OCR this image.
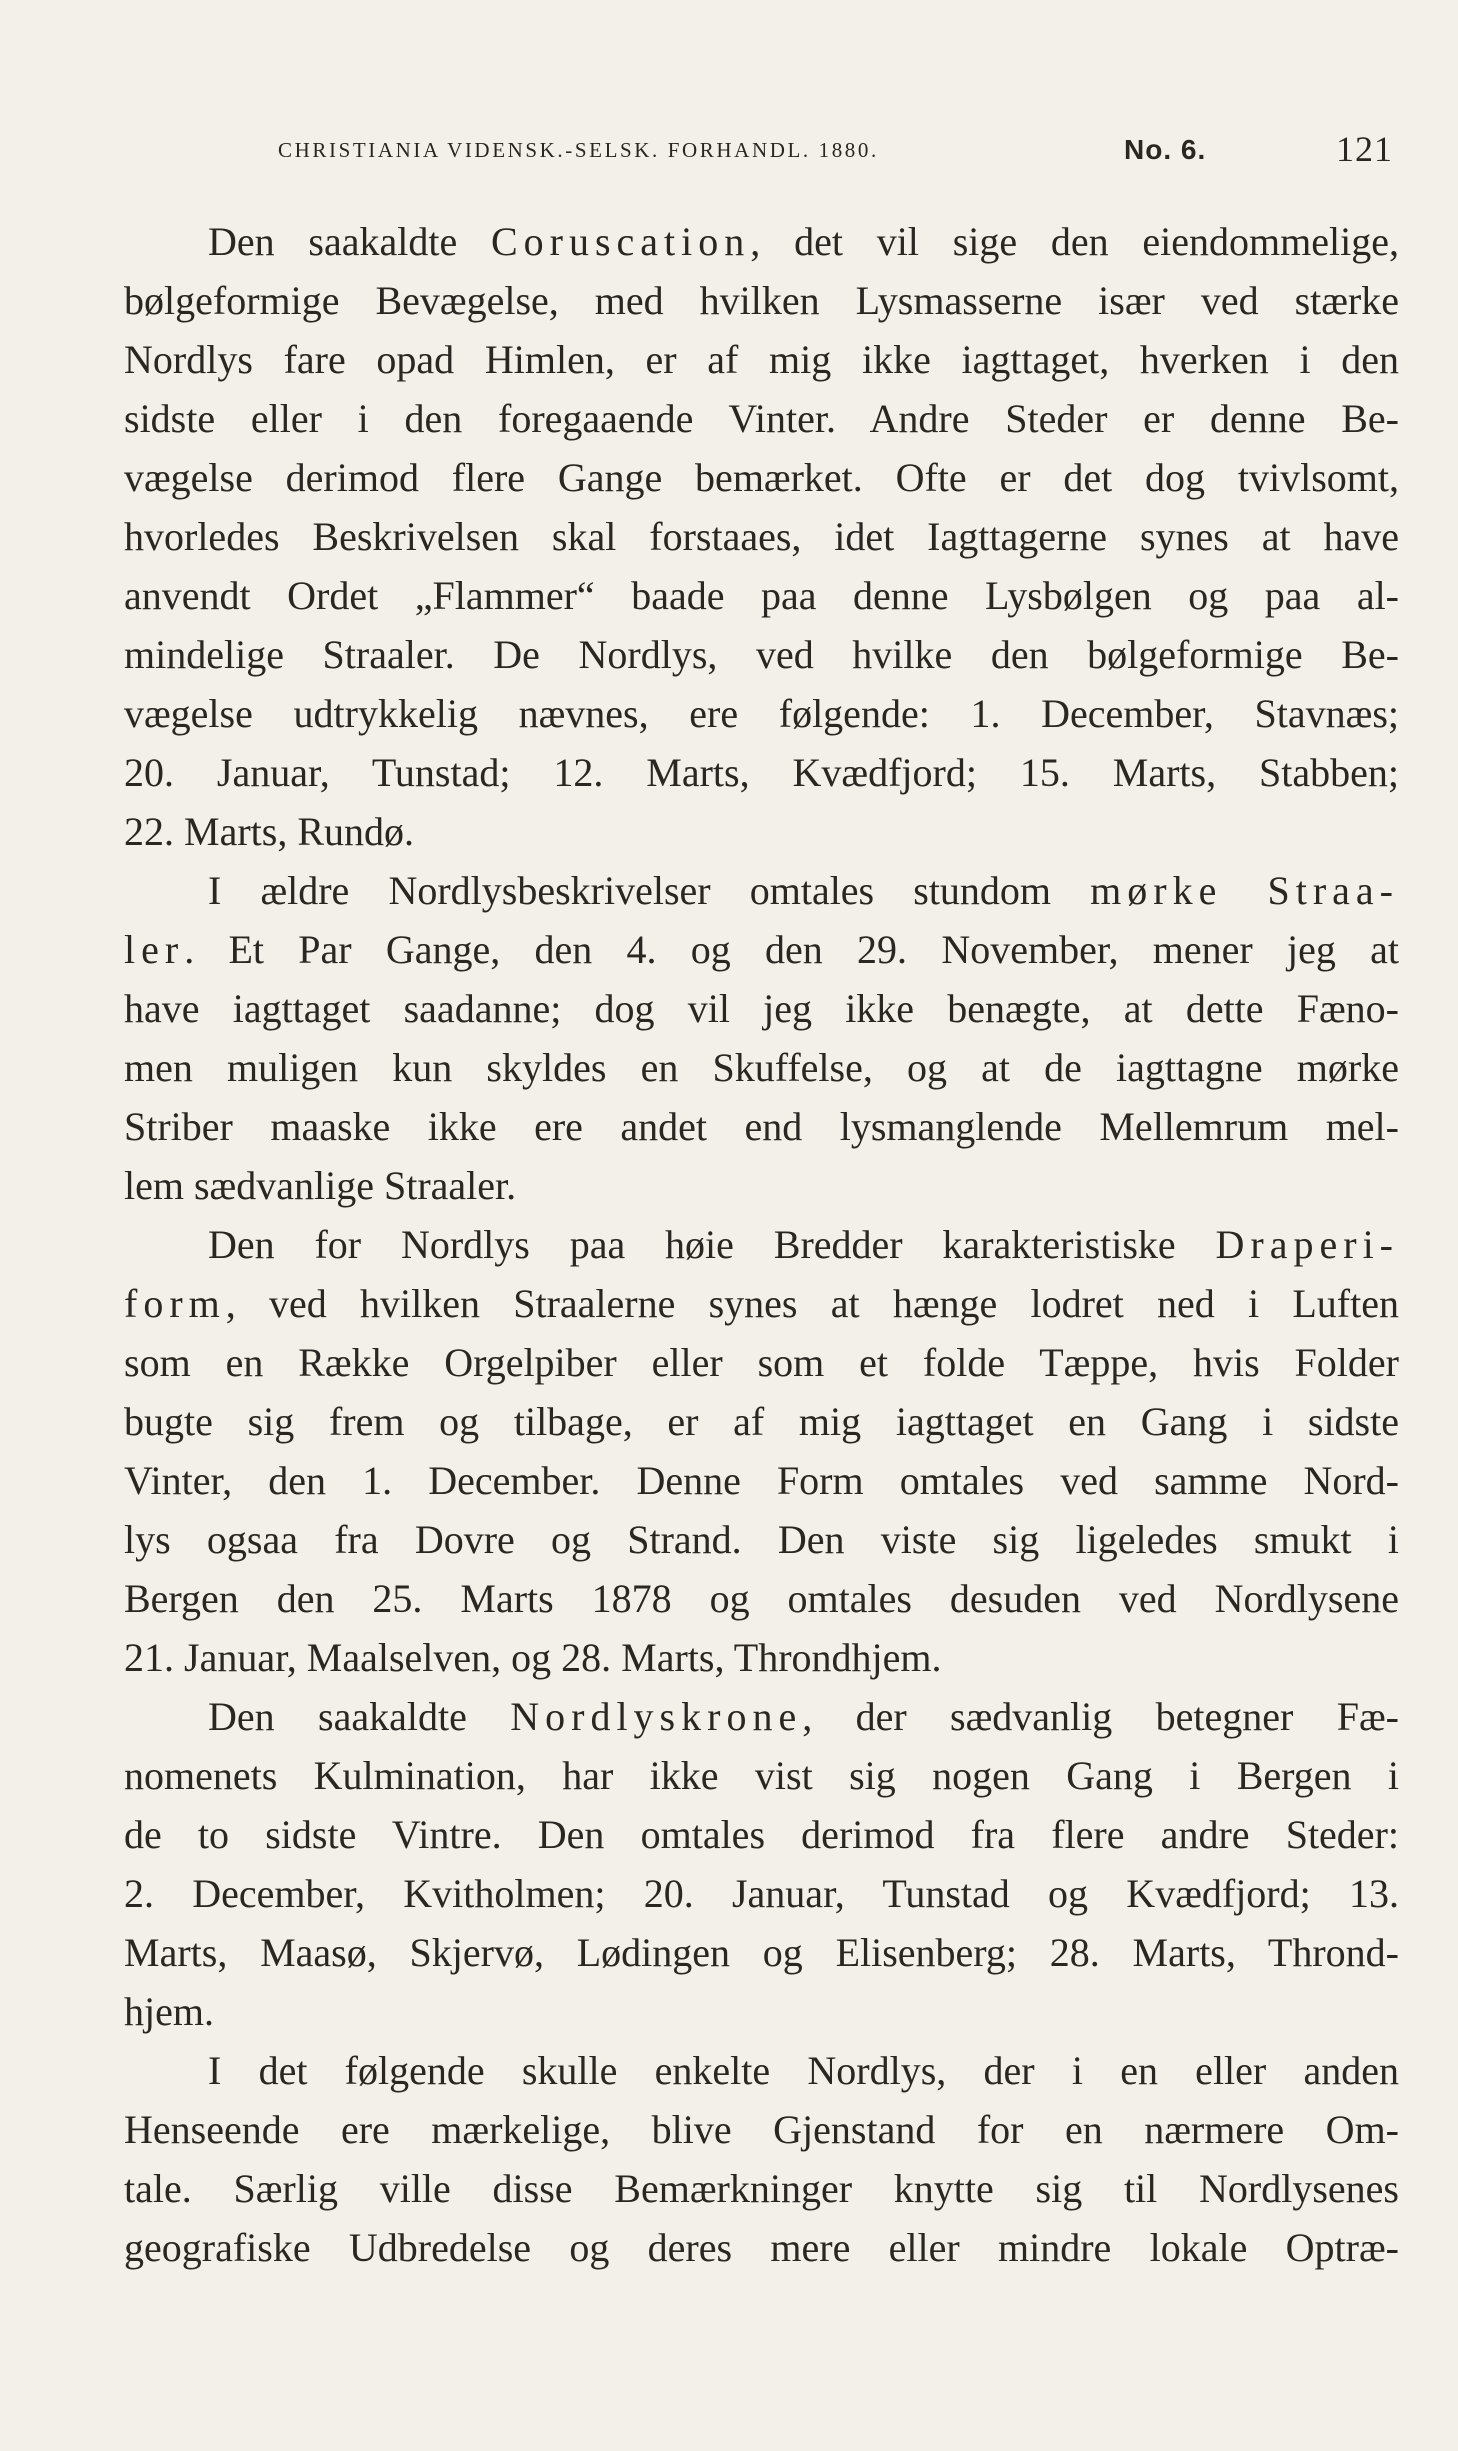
CHRISTIANIA VIDENSK.-SELSK. FORHANDL. 1880.	No. 6.	121
Den saakaldte Coruscation, det vil sige den eiendommelige,
bølgeformige Bevægelse, med hvilken Lysmasserne især ved stærke
Nordlys fare opad Himlen, er af mig ikke iagttaget, hverken i den
sidste eller i den foregaaende Vinter. Andre Steder er denne Be-
vægelse derimod flere Gange bemærket. Ofte er det dog tvivlsomt,
hvorledes Beskrivelsen skal forstaaes, idet Iagttagerne synes at have
anvendt Ordet „Flammer“ baade paa denne Lysbølgen og paa al-
mindelige Straaler. De Nordlys, ved hvilke den bølgeformige Be-
vægelse udtrykkelig nævnes, ere følgende: 1. December, Stavnæs;
20. Januar, Tunstad; 12. Marts, Kvædfjord; 15. Marts, Stabben;
22. Marts, Rundø.
I ældre Nordlysbeskrivelser omtales stundom mørke Straa-
ler. Et Par Gange, den 4. og den 29. November, mener jeg at
have iagttaget saadanne; dog vil jeg ikke benægte, at dette Fæno-
men muligen kun skyldes en Skuffelse, og at de iagttagne mørke
Striber maaske ikke ere andet end lysmanglende Mellemrum mel-
lem sædvanlige Straaler.
Den for Nordlys paa høie Bredder karakteristiske Draperi-
form, ved hvilken Straalerne synes at hænge lodret ned i Luften
som en Række Orgelpiber eller som et folde Tæppe, hvis Folder
bugte sig frem og tilbage, er af mig iagttaget en Gang i sidste
Vinter, den 1. December. Denne Form omtales ved samme Nord-
lys ogsaa fra Dovre og Strand. Den viste sig ligeledes smukt i
Bergen den 25. Marts 1878 og omtales desuden ved Nordlysene
21. Januar, Maalselven, og 28. Marts, Throndhjem.
Den saakaldte Nordlyskrone, der sædvanlig betegner Fæ-
nomenets Kulmination, har ikke vist sig nogen Gang i Bergen i
de to sidste Vintre. Den omtales derimod fra flere andre Steder:
2. December, Kvitholmen; 20. Januar, Tunstad og Kvædfjord; 13.
Marts, Maasø, Skjervø, Lødingen og Elisenberg; 28. Marts, Thrond-
hjem.
I det følgende skulle enkelte Nordlys, der i en eller anden
Henseende ere mærkelige, blive Gjenstand for en nærmere Om-
tale. Særlig ville disse Bemærkninger knytte sig til Nordlysenes
geografiske Udbredelse og deres mere eller mindre lokale Optræ-
